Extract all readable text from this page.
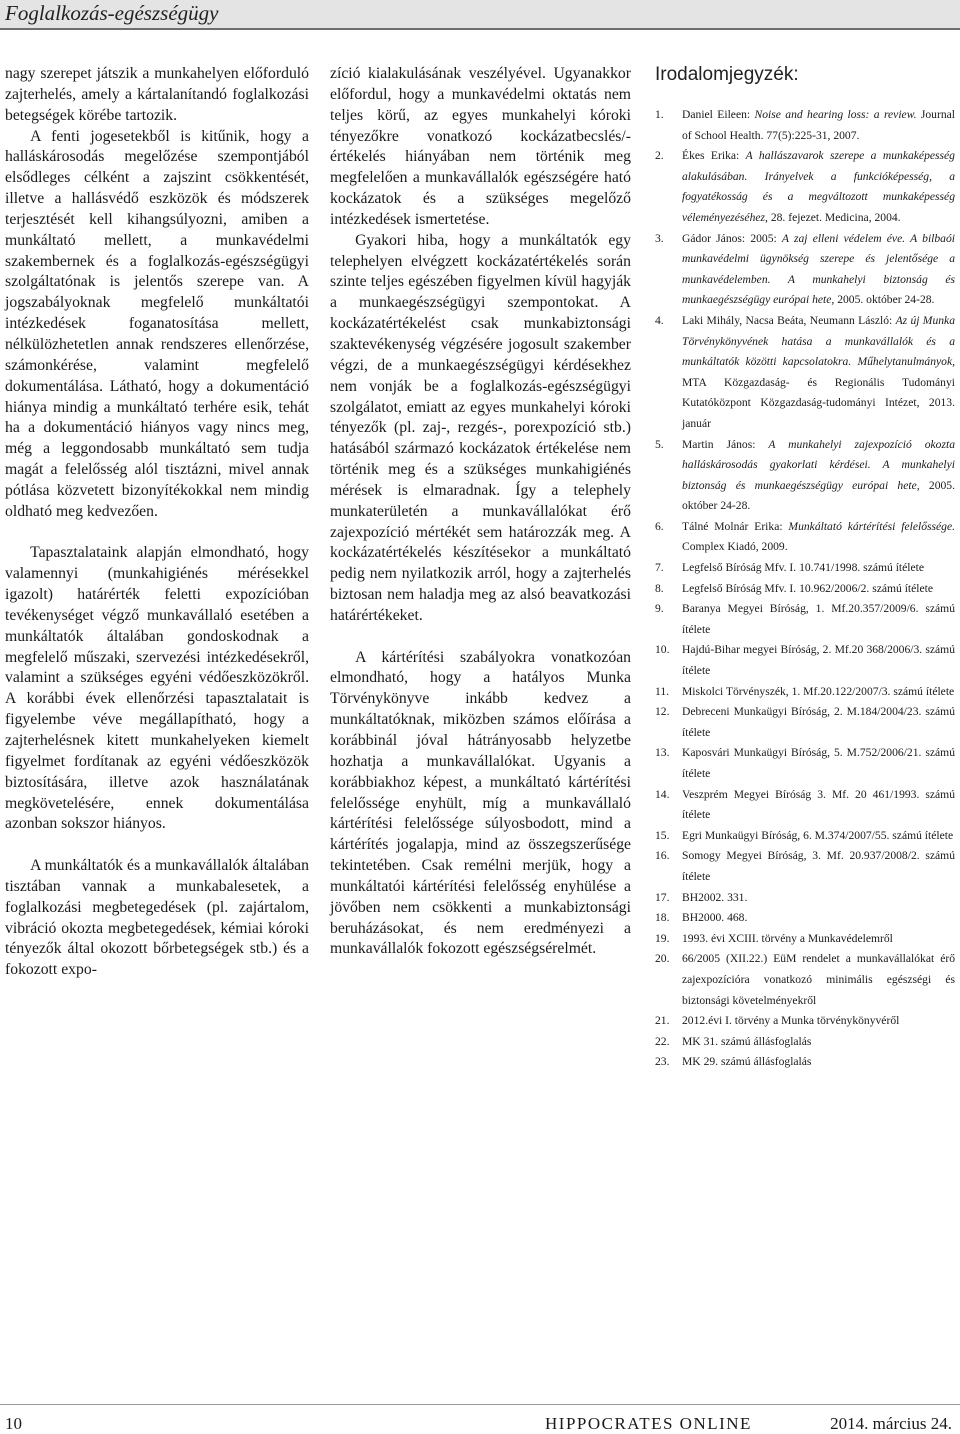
Foglalkozás-egészségügy

nagy szerepet játszik a munkahelyen előforduló zajterhelés, amely a kártalanítandó foglalkozási betegségek körébe tartozik.

A fenti jogesetekből is kitűnik, hogy a halláskárosodás megelőzése szempontjából elsődleges célként a zajszint csökkentését, illetve a hallásvédő eszközök és módszerek terjesztését kell kihangsúlyozni, amiben a munkáltató mellett, a munkavédelmi szakembernek és a foglalkozás-egészségügyi szolgáltatónak is jelentős szerepe van. A jogszabályoknak megfelelő munkáltatói intézkedések foganatosítása mellett, nélkülözhetetlen annak rendszeres ellenőrzése, számonkérése, valamint megfelelő dokumentálása. Látható, hogy a dokumentáció hiánya mindig a munkáltató terhére esik, tehát ha a dokumentáció hiányos vagy nincs meg, még a leggondosabb munkáltató sem tudja magát a felelősség alól tisztázni, mivel annak pótlása közvetett bizonyítékokkal nem mindig oldható meg kedvezően.

Tapasztalataink alapján elmondható, hogy valamennyi (munkahigiénés mérésekkel igazolt) határérték feletti expozícióban tevékenységet végző munkavállaló esetében a munkáltatók általában gondoskodnak a megfelelő műszaki, szervezési intézkedésekről, valamint a szükséges egyéni védőeszközökről. A korábbi évek ellenőrzési tapasztalatait is figyelembe véve megállapítható, hogy a zajterhelésnek kitett munkahelyeken kiemelt figyelmet fordítanak az egyéni védőeszközök biztosítására, illetve azok használatának megkövetelésére, ennek dokumentálása azonban sokszor hiányos.

A munkáltatók és a munkavállalók általában tisztában vannak a munkabalesetek, a foglalkozási megbetegedések (pl. zajártalom, vibráció okozta megbetegedések, kémiai kóroki tényezők által okozott bőrbetegségek stb.) és a fokozott expo-

zíció kialakulásának veszélyével. Ugyanakkor előfordul, hogy a munkavédelmi oktatás nem teljes körű, az egyes munkahelyi kóroki tényezőkre vonatkozó kockázatbecslés/-értékelés hiányában nem történik meg megfelelően a munkavállalók egészségére ható kockázatok és a szükséges megelőző intézkedések ismertetése.

Gyakori hiba, hogy a munkáltatók egy telephelyen elvégzett kockázatértékelés során szinte teljes egészében figyelmen kívül hagyják a munkaegészségügyi szempontokat. A kockázatértékelést csak munkabiztonsági szaktevékenység végzésére jogosult szakember végzi, de a munkaegészségügyi kérdésekhez nem vonják be a foglalkozás-egészségügyi szolgálatot, emiatt az egyes munkahelyi kóroki tényezők (pl. zaj-, rezgés-, porexpozíció stb.) hatásából származó kockázatok értékelése nem történik meg és a szükséges munkahigiénés mérések is elmaradnak. Így a telephely munkaterületén a munkavállalókat érő zajexpozíció mértékét sem határozzák meg. A kockázatértékelés készítésekor a munkáltató pedig nem nyilatkozik arról, hogy a zajterhelés biztosan nem haladja meg az alsó beavatkozási határértékeket.

A kártérítési szabályokra vonatkozóan elmondható, hogy a hatályos Munka Törvénykönyve inkább kedvez a munkáltatóknak, miközben számos előírása a korábbinál jóval hátrányosabb helyzetbe hozhatja a munkavállalókat. Ugyanis a korábbiakhoz képest, a munkáltató kártérítési felelőssége enyhült, míg a munkavállaló kártérítési felelőssége súlyosbodott, mind a kártérítés jogalapja, mind az összegszerűsége tekintetében. Csak remélni merjük, hogy a munkáltatói kártérítési felelősség enyhülése a jövőben nem csökkenti a munkabiztonsági beruházásokat, és nem eredményezi a munkavállalók fokozott egészségsérelmét.

Irodalomjegyzék:
1. Daniel Eileen: Noise and hearing loss: a review. Journal of School Health. 77(5):225-31, 2007.
2. Ékes Erika: A hallászavarok szerepe a munkaképesség alakulásában. Irányelvek a funkcióképesség, a fogyatékosság és a megváltozott munkaképesség véleményezéséhez, 28. fejezet. Medicina, 2004.
3. Gádor János: 2005: A zaj elleni védelem éve. A bilbaói munkavédelmi ügynökség szerepe és jelentősége a munkavédelemben. A munkahelyi biztonság és munkaegészségügy európai hete, 2005. október 24-28.
4. Laki Mihály, Nacsa Beáta, Neumann László: Az új Munka Törvénykönyvének hatása a munkavállalók és a munkáltatók közötti kapcsolatokra. Műhelytanulmányok, MTA Közgazdaság- és Regionális Tudományi Kutatóközpont Közgazdaság-tudományi Intézet, 2013. január
5. Martin János: A munkahelyi zajexpozíció okozta halláskárosodás gyakorlati kérdései. A munkahelyi biztonság és munkaegészségügy európai hete, 2005. október 24-28.
6. Tálné Molnár Erika: Munkáltató kártérítési felelőssége. Complex Kiadó, 2009.
7. Legfelső Bíróság Mfv. I. 10.741/1998. számú ítélete
8. Legfelső Bíróság Mfv. I. 10.962/2006/2. számú ítélete
9. Baranya Megyei Bíróság, 1. Mf.20.357/2009/6. számú ítélete
10. Hajdú-Bihar megyei Bíróság, 2. Mf.20 368/2006/3. számú ítélete
11. Miskolci Törvényszék, 1. Mf.20.122/2007/3. számú ítélete
12. Debreceni Munkaügyi Bíróság, 2. M.184/2004/23. számú ítélete
13. Kaposvári Munkaügyi Bíróság, 5. M.752/2006/21. számú ítélete
14. Veszprém Megyei Bíróság 3. Mf. 20 461/1993. számú ítélete
15. Egri Munkaügyi Bíróság, 6. M.374/2007/55. számú ítélete
16. Somogy Megyei Bíróság, 3. Mf. 20.937/2008/2. számú ítélete
17. BH2002. 331.
18. BH2000. 468.
19. 1993. évi XCIII. törvény a Munkavédelemről
20. 66/2005 (XII.22.) EüM rendelet a munkavállalókat érő zajexpozícióra vonatkozó minimális egészségi és biztonsági követelményekről
21. 2012.évi I. törvény a Munka törvénykönyvéről
22. MK 31. számú állásfoglalás
23. MK 29. számú állásfoglalás
10	HIPPOCRATES ONLINE	2014. március 24.
